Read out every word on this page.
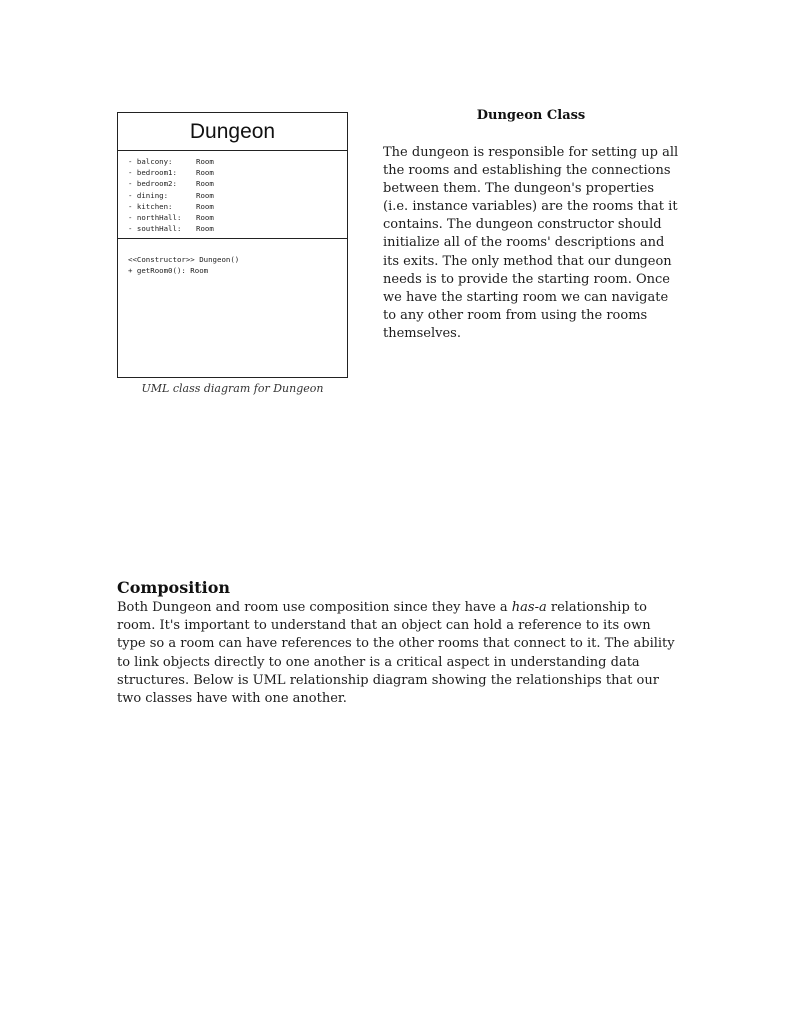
Dungeon
- balcony:	Room
- bedroom1:	Room
- bedroom2:	Room
- dining:	Room
- kitchen:	Room
- northHall: Room
- southHall: Room
<<Constructor>> Dungeon()
+ getRoom0(): Room
UML class diagram for Dungeon
Dungeon Class
The dungeon is responsible for setting up all the rooms and establishing the connections between them. The dungeon's properties (i.e. instance variables) are the rooms that it contains. The dungeon constructor should initialize all of the rooms' descriptions and its exits. The only method that our dungeon needs is to provide the starting room. Once we have the starting room we can navigate to any other room from using the rooms themselves.
Composition
Both Dungeon and room use composition since they have a has-a relationship to room. It's important to understand that an object can hold a reference to its own type so a room can have references to the other rooms that connect to it. The ability to link objects directly to one another is a critical aspect in understanding data structures. Below is UML relationship diagram showing the relationships that our two classes have with one another.
